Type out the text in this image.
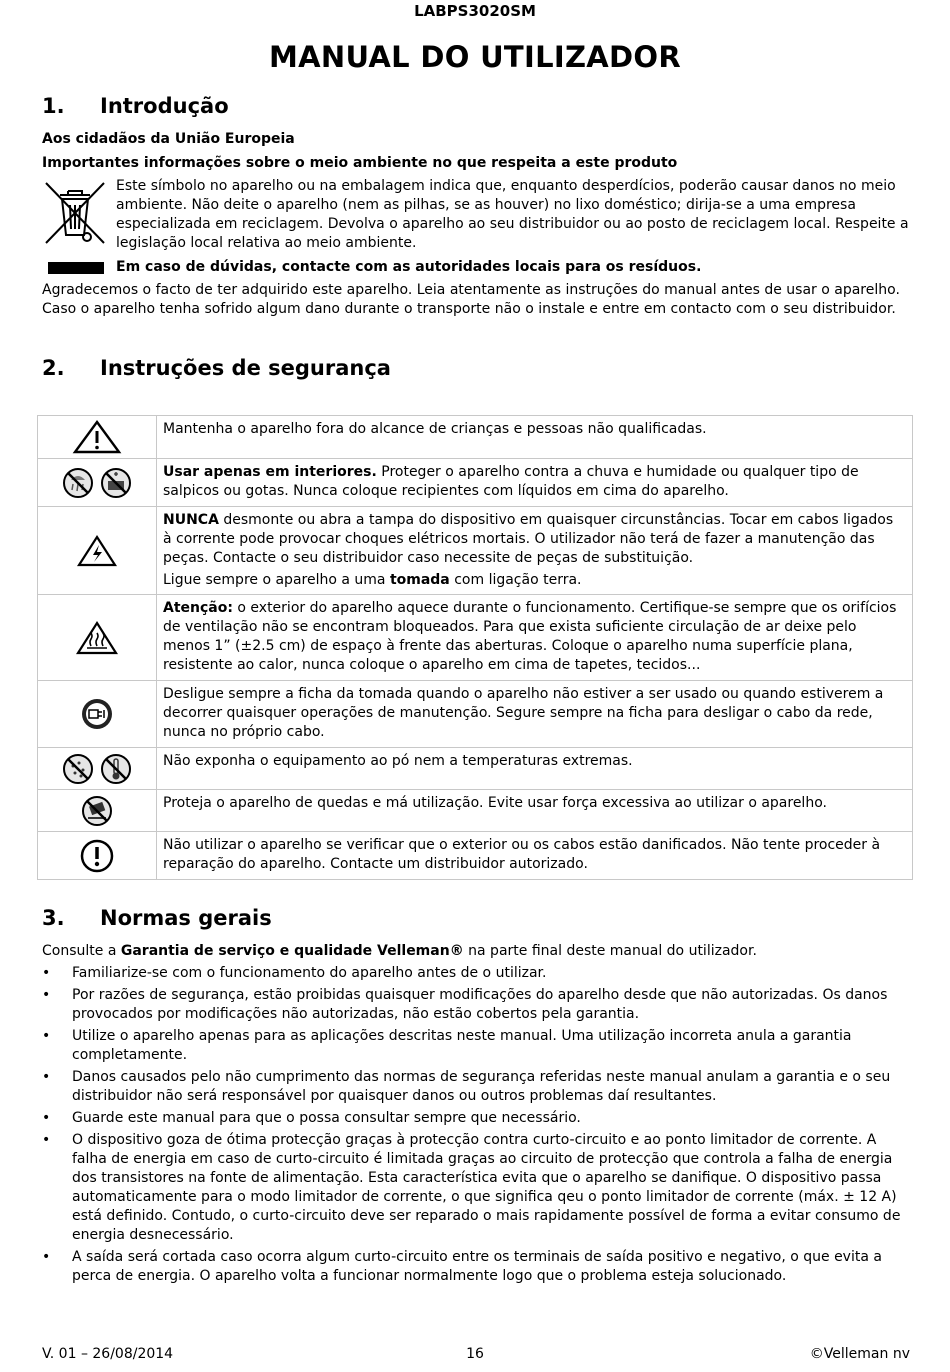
LABPS3020SM
MANUAL DO UTILIZADOR
1. Introdução
Aos cidadãos da União Europeia
Importantes informações sobre o meio ambiente no que respeita a este produto
Este símbolo no aparelho ou na embalagem indica que, enquanto desperdícios, poderão causar danos no meio ambiente. Não deite o aparelho (nem as pilhas, se as houver) no lixo doméstico; dirija-se a uma empresa especializada em reciclagem. Devolva o aparelho ao seu distribuidor ou ao posto de reciclagem local. Respeite a legislação local relativa ao meio ambiente.
Em caso de dúvidas, contacte com as autoridades locais para os resíduos.
Agradecemos o facto de ter adquirido este aparelho. Leia atentamente as instruções do manual antes de usar o aparelho. Caso o aparelho tenha sofrido algum dano durante o transporte não o instale e entre em contacto com o seu distribuidor.
2. Instruções de segurança
	Mantenha o aparelho fora do alcance de crianças e pessoas não qualificadas.
	Usar apenas em interiores. Proteger o aparelho contra a chuva e humidade ou qualquer tipo de salpicos ou gotas. Nunca coloque recipientes com líquidos em cima do aparelho.

NUNCA desmonte ou abra a tampa do dispositivo em quaisquer circunstâncias. Tocar em cabos ligados à corrente pode provocar choques elétricos mortais. O utilizador não terá de fazer a manutenção das peças. Contacte o seu distribuidor caso necessite de peças de substituição.

Ligue sempre o aparelho a uma tomada com ligação terra.

	Atenção: o exterior do aparelho aquece durante o funcionamento. Certifique-se sempre que os orifícios de ventilação não se encontram bloqueados. Para que exista suficiente circulação de ar deixe pelo menos 1” (±2.5 cm) de espaço à frente das aberturas. Coloque o aparelho numa superfície plana, resistente ao calor, nunca coloque o aparelho em cima de tapetes, tecidos...
	Desligue sempre a ficha da tomada quando o aparelho não estiver a ser usado ou quando estiverem a decorrer quaisquer operações de manutenção. Segure sempre na ficha para desligar o cabo da rede, nunca no próprio cabo.
	Não exponha o equipamento ao pó nem a temperaturas extremas.
	Proteja o aparelho de quedas e má utilização. Evite usar força excessiva ao utilizar o aparelho.
	Não utilizar o aparelho se verificar que o exterior ou os cabos estão danificados. Não tente proceder à reparação do aparelho. Contacte um distribuidor autorizado.
3. Normas gerais
Consulte a Garantia de serviço e qualidade Velleman® na parte final deste manual do utilizador.
• Familiarize-se com o funcionamento do aparelho antes de o utilizar.
• Por razões de segurança, estão proibidas quaisquer modificações do aparelho desde que não autorizadas. Os danos provocados por modificações não autorizadas, não estão cobertos pela garantia.
• Utilize o aparelho apenas para as aplicações descritas neste manual. Uma utilização incorreta anula a garantia completamente.
• Danos causados pelo não cumprimento das normas de segurança referidas neste manual anulam a garantia e o seu distribuidor não será responsável por quaisquer danos ou outros problemas daí resultantes.
• Guarde este manual para que o possa consultar sempre que necessário.
• O dispositivo goza de ótima protecção graças à protecção contra curto-circuito e ao ponto limitador de corrente. A falha de energia em caso de curto-circuito é limitada graças ao circuito de protecção que controla a falha de energia dos transistores na fonte de alimentação. Esta característica evita que o aparelho se danifique. O dispositivo passa automaticamente para o modo limitador de corrente, o que significa qeu o ponto limitador de corrente (máx. ± 12 A) está definido. Contudo, o curto-circuito deve ser reparado o mais rapidamente possível de forma a evitar consumo de energia desnecessário.
• A saída será cortada caso ocorra algum curto-circuito entre os terminais de saída positivo e negativo, o que evita a perca de energia. O aparelho volta a funcionar normalmente logo que o problema esteja solucionado.
V. 01 – 26/08/2014	16	©Velleman nv
